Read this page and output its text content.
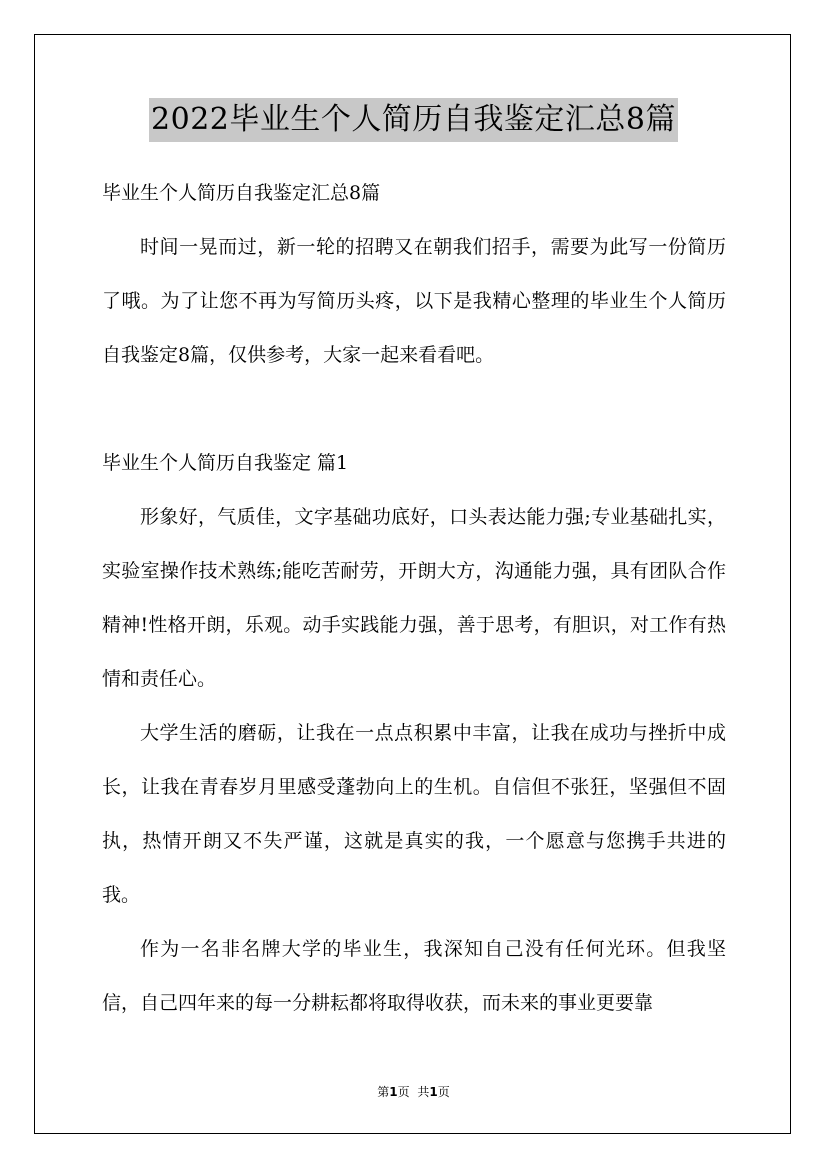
2022毕业生个人简历自我鉴定汇总8篇

毕业生个人简历自我鉴定汇总8篇

时间一晃而过，新一轮的招聘又在朝我们招手，需要为此写一份简历了哦。为了让您不再为写简历头疼，以下是我精心整理的毕业生个人简历自我鉴定8篇，仅供参考，大家一起来看看吧。

毕业生个人简历自我鉴定 篇1

形象好，气质佳，文字基础功底好，口头表达能力强;专业基础扎实，实验室操作技术熟练;能吃苦耐劳，开朗大方，沟通能力强，具有团队合作精神!性格开朗，乐观。动手实践能力强，善于思考，有胆识，对工作有热情和责任心。

大学生活的磨砺，让我在一点点积累中丰富，让我在成功与挫折中成长，让我在青春岁月里感受蓬勃向上的生机。自信但不张狂，坚强但不固执，热情开朗又不失严谨，这就是真实的我，一个愿意与您携手共进的我。

作为一名非名牌大学的毕业生，我深知自己没有任何光环。但我坚信，自己四年来的每一分耕耘都将取得收获，而未来的事业更要靠

第1页 共1页
